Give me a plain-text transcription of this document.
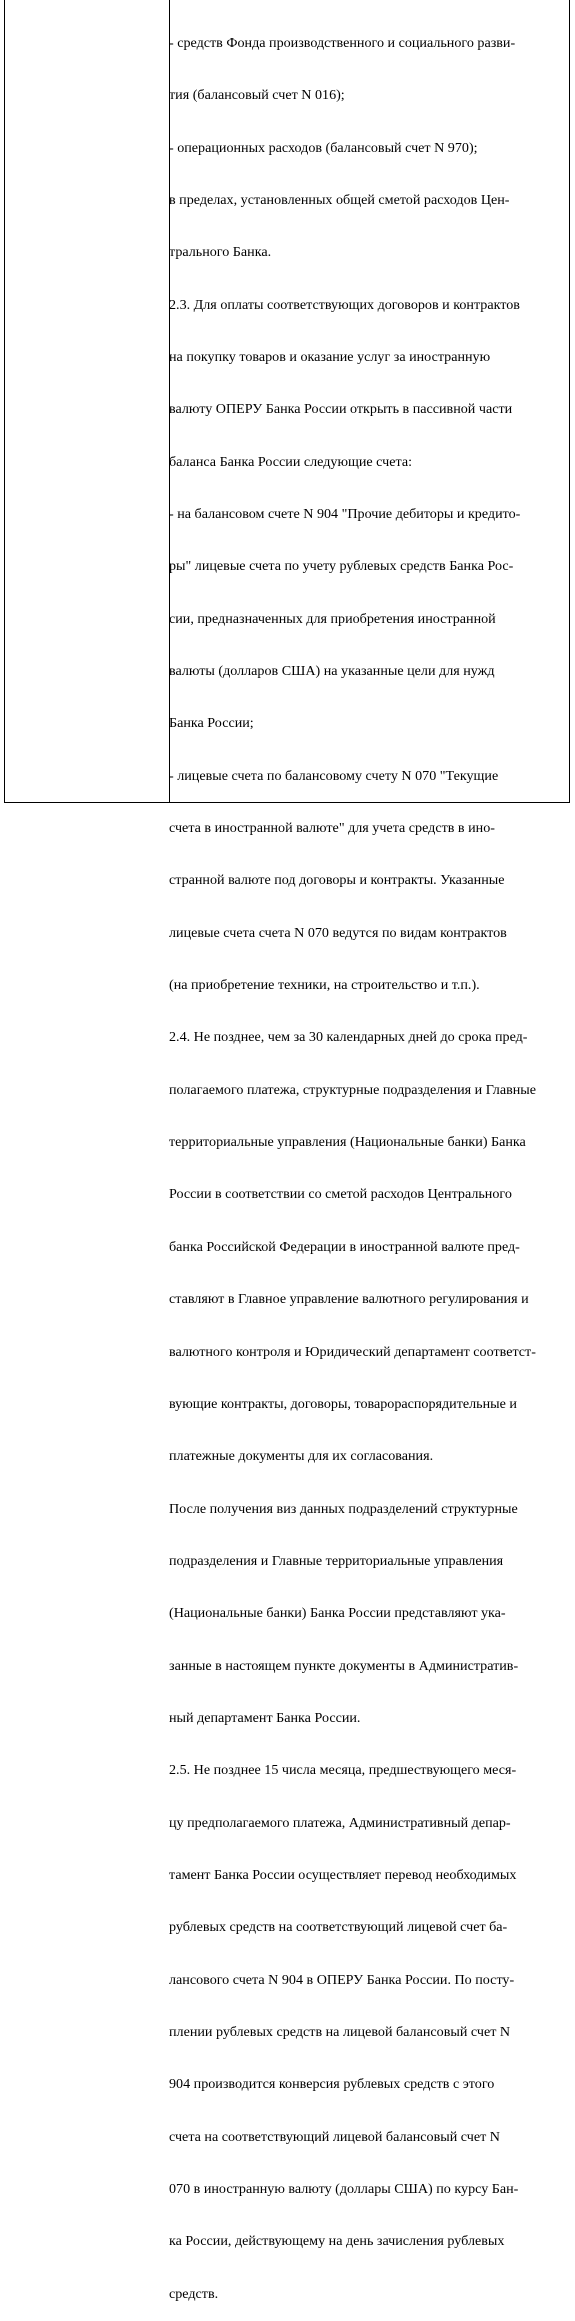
- средств Фонда производственного и социального разви-

тия (балансовый счет N 016);

- операционных расходов (балансовый счет N 970);

в пределах, установленных общей сметой расходов Цен-

трального Банка.

2.3. Для оплаты соответствующих договоров и контрактов

на покупку товаров и оказание услуг за иностранную

валюту ОПЕРУ Банка России открыть в пассивной части

баланса Банка России следующие счета:

- на балансовом счете N 904 "Прочие дебиторы и кредито-

ры" лицевые счета по учету рублевых средств Банка Рос-

сии, предназначенных для приобретения иностранной

валюты (долларов США) на указанные цели для нужд

Банка России;

- лицевые счета по балансовому счету N 070 "Текущие

счета в иностранной валюте" для учета средств в ино-

странной валюте под договоры и контракты. Указанные

лицевые счета счета N 070 ведутся по видам контрактов

(на приобретение техники, на строительство и т.п.).

2.4. Не позднее, чем за 30 календарных дней до срока пред-

полагаемого платежа, структурные подразделения и Главные

территориальные управления (Национальные банки) Банка

России в соответствии со сметой расходов Центрального

банка Российской Федерации в иностранной валюте пред-

ставляют в Главное управление валютного регулирования и

валютного контроля и Юридический департамент соответст-

вующие контракты, договоры, товарораспорядительные и

платежные документы для их согласования.

После получения виз данных подразделений структурные

подразделения и Главные территориальные управления

(Национальные банки) Банка России представляют ука-

занные в настоящем пункте документы в Административ-

ный департамент Банка России.

2.5. Не позднее 15 числа месяца, предшествующего меся-

цу предполагаемого платежа, Административный депар-

тамент Банка России осуществляет перевод необходимых

рублевых средств на соответствующий лицевой счет ба-

лансового счета N 904 в ОПЕРУ Банка России. По посту-

плении рублевых средств на лицевой балансовый счет N

904 производится конверсия рублевых средств с этого

счета на соответствующий лицевой балансовый счет N

070 в иностранную валюту (доллары США) по курсу Бан-

ка России, действующему на день зачисления рублевых

средств.
